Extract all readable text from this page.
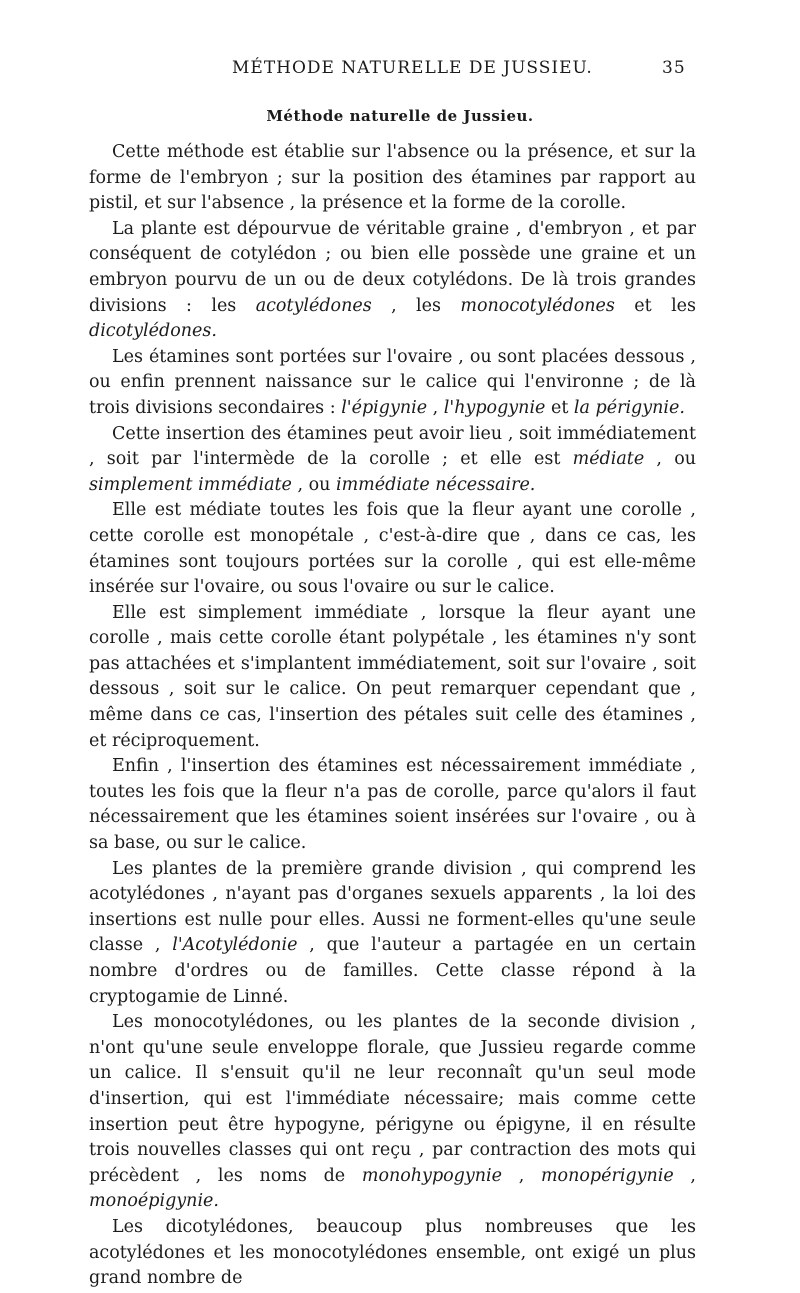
MÉTHODE NATURELLE DE JUSSIEU.	35
Méthode naturelle de Jussieu.

Cette méthode est établie sur l'absence ou la présence, et sur la forme de l'embryon ; sur la position des étamines par rapport au pistil, et sur l'absence , la présence et la forme de la corolle.

La plante est dépourvue de véritable graine , d'embryon , et par conséquent de cotylédon ; ou bien elle possède une graine et un embryon pourvu de un ou de deux cotylédons. De là trois grandes divisions : les acotylédones , les monocotylédones et les dicotylédones.

Les étamines sont portées sur l'ovaire , ou sont placées dessous , ou enfin prennent naissance sur le calice qui l'environne ; de là trois divisions secondaires : l'épigynie , l'hypogynie et la périgynie.

Cette insertion des étamines peut avoir lieu , soit immédiatement , soit par l'intermède de la corolle ; et elle est médiate , ou simplement immédiate , ou immédiate nécessaire.

Elle est médiate toutes les fois que la fleur ayant une corolle , cette corolle est monopétale , c'est-à-dire que , dans ce cas, les étamines sont toujours portées sur la corolle , qui est elle-même insérée sur l'ovaire, ou sous l'ovaire ou sur le calice.

Elle est simplement immédiate , lorsque la fleur ayant une corolle , mais cette corolle étant polypétale , les étamines n'y sont pas attachées et s'implantent immédiatement, soit sur l'ovaire , soit dessous , soit sur le calice. On peut remarquer cependant que , même dans ce cas, l'insertion des pétales suit celle des étamines , et réciproquement.

Enfin , l'insertion des étamines est nécessairement immédiate , toutes les fois que la fleur n'a pas de corolle, parce qu'alors il faut nécessairement que les étamines soient insérées sur l'ovaire , ou à sa base, ou sur le calice.

Les plantes de la première grande division , qui comprend les acotylédones , n'ayant pas d'organes sexuels apparents , la loi des insertions est nulle pour elles. Aussi ne forment-elles qu'une seule classe , l'Acotylédonie , que l'auteur a partagée en un certain nombre d'ordres ou de familles. Cette classe répond à la cryptogamie de Linné.

Les monocotylédones, ou les plantes de la seconde division , n'ont qu'une seule enveloppe florale, que Jussieu regarde comme un calice. Il s'ensuit qu'il ne leur reconnaît qu'un seul mode d'insertion, qui est l'immédiate nécessaire; mais comme cette insertion peut être hypogyne, périgyne ou épigyne, il en résulte trois nouvelles classes qui ont reçu , par contraction des mots qui précèdent , les noms de monohypogynie , monopérigynie , monoépigynie.

Les dicotylédones, beaucoup plus nombreuses que les acotylédones et les monocotylédones ensemble, ont exigé un plus grand nombre de
